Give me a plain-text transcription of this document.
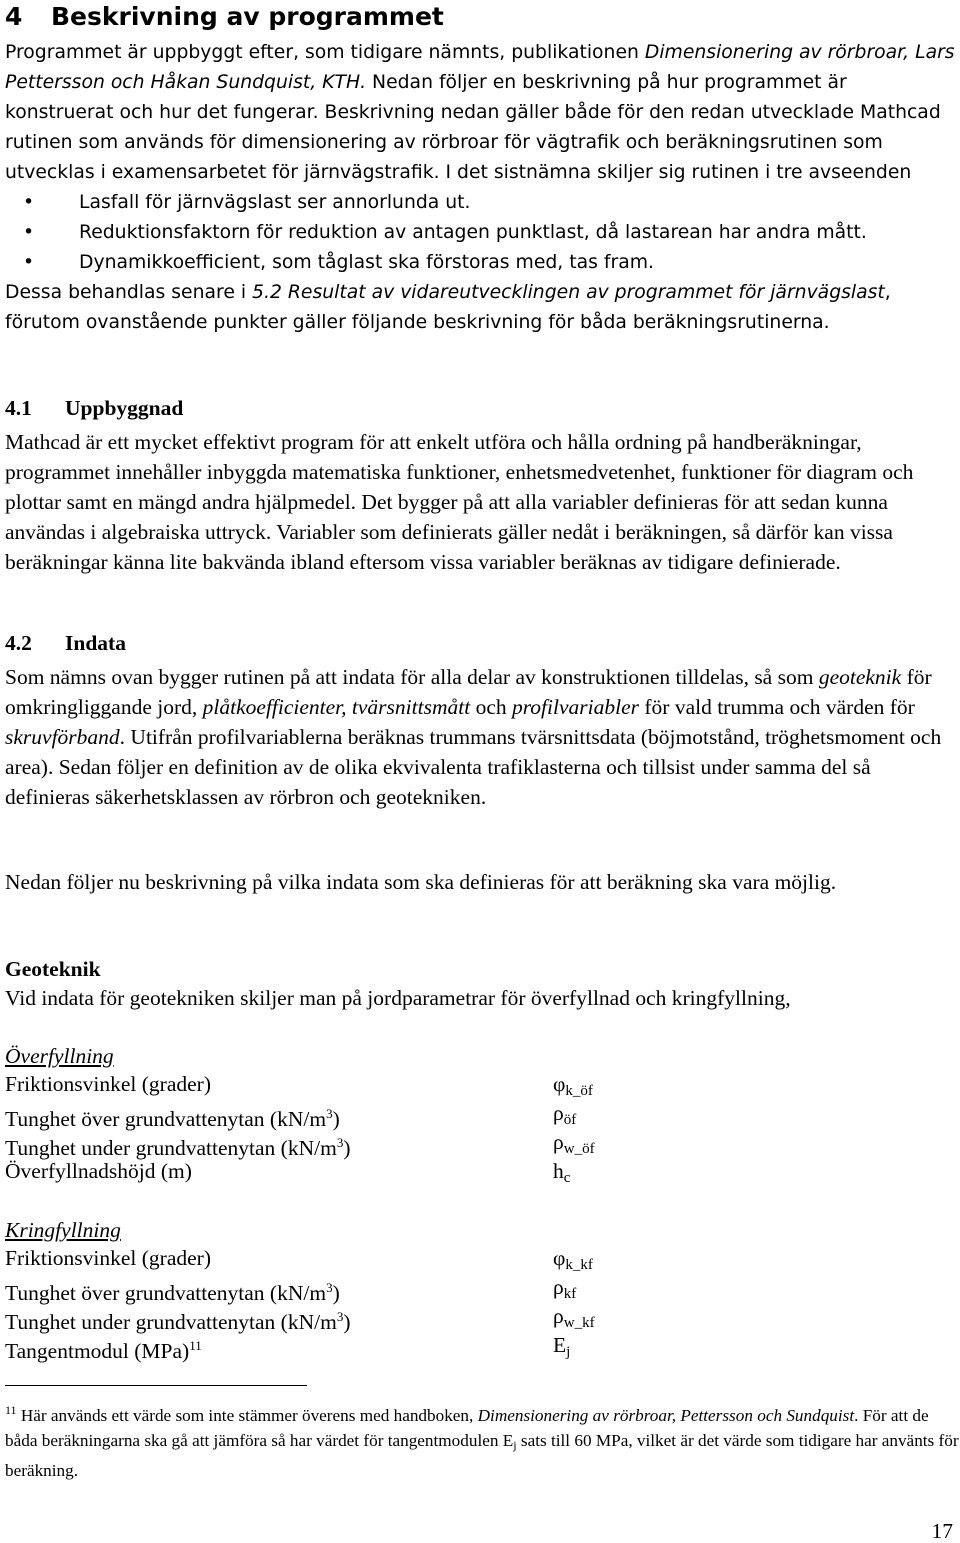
4 Beskrivning av programmet

Programmet är uppbyggt efter, som tidigare nämnts, publikationen Dimensionering av rörbroar, Lars Pettersson och Håkan Sundquist, KTH. Nedan följer en beskrivning på hur programmet är konstruerat och hur det fungerar. Beskrivning nedan gäller både för den redan utvecklade Mathcad rutinen som används för dimensionering av rörbroar för vägtrafik och beräkningsrutinen som utvecklas i examensarbetet för järnvägstrafik. I det sistnämna skiljer sig rutinen i tre avseenden

• Lasfall för järnvägslast ser annorlunda ut.
• Reduktionsfaktorn för reduktion av antagen punktlast, då lastarean har andra mått.
• Dynamikkoefficient, som tåglast ska förstoras med, tas fram.

Dessa behandlas senare i 5.2 Resultat av vidareutvecklingen av programmet för järnvägslast, förutom ovanstående punkter gäller följande beskrivning för båda beräkningsrutinerna.

4.1 Uppbyggnad

Mathcad är ett mycket effektivt program för att enkelt utföra och hålla ordning på handberäkningar, programmet innehåller inbyggda matematiska funktioner, enhetsmedvetenhet, funktioner för diagram och plottar samt en mängd andra hjälpmedel. Det bygger på att alla variabler definieras för att sedan kunna användas i algebraiska uttryck. Variabler som definierats gäller nedåt i beräkningen, så därför kan vissa beräkningar känna lite bakvända ibland eftersom vissa variabler beräknas av tidigare definierade.

4.2 Indata

Som nämns ovan bygger rutinen på att indata för alla delar av konstruktionen tilldelas, så som geoteknik för omkringliggande jord, plåtkoefficienter, tvärsnittsmått och profilvariabler för vald trumma och värden för skruvförband. Utifrån profilvariablerna beräknas trummans tvärsnittsdata (böjmotstånd, tröghetsmoment och area). Sedan följer en definition av de olika ekvivalenta trafiklasterna och tillsist under samma del så definieras säkerhetsklassen av rörbron och geotekniken.

Nedan följer nu beskrivning på vilka indata som ska definieras för att beräkning ska vara möjlig.

Geoteknik
Vid indata för geotekniken skiljer man på jordparametrar för överfyllnad och kringfyllning,
Överfyllning
Friktionsvinkel (grader)	$\varphi_{k\_öf}$
Tunghet över grundvattenytan $(kN/m^3)$	$\rho_{öf}$
Tunghet under grundvattenytan $(kN/m^3)$	$\rho_{w\_öf}$
Överfyllnadshöjd (m)	$h_c$
Kringfyllning
Friktionsvinkel (grader)	$\varphi_{k\_kf}$
Tunghet över grundvattenytan $(kN/m^3)$	$\rho_{kf}$
Tunghet under grundvattenytan $(kN/m^3)$	$\rho_{w\_kf}$
Tangentmodul (MPa)$^{11}$	$E_j$
$^{11}$ Här används ett värde som inte stämmer överens med handboken, Dimensionering av rörbroar, Pettersson och Sundquist. För att de båda beräkningarna ska gå att jämföra så har värdet för tangentmodulen $E_j$ sats till 60 MPa, vilket är det värde som tidigare har använts för beräkning.
17
